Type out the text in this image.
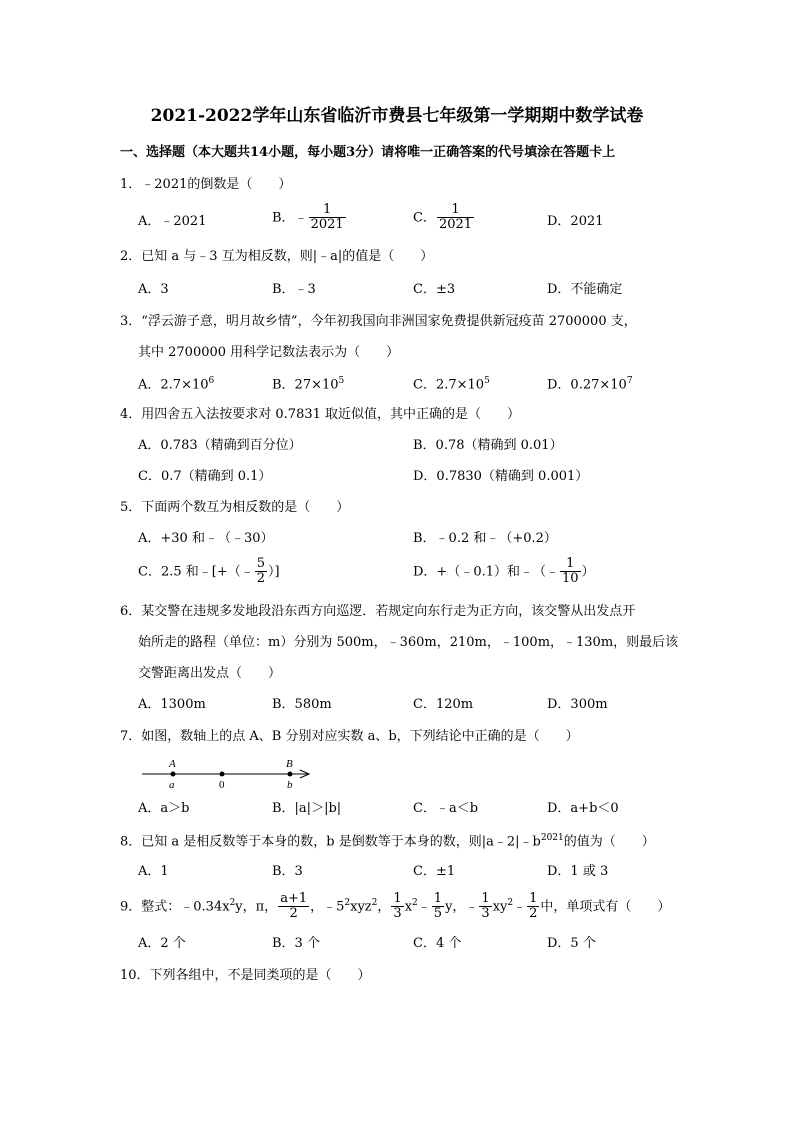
2021-2022学年山东省临沂市费县七年级第一学期期中数学试卷
一、选择题（本大题共14小题，每小题3分）请将唯一正确答案的代号填涂在答题卡上
1．﹣2021的倒数是（　　）
A．﹣2021	B．﹣ $\frac{1}{2021}$	C． $\frac{1}{2021}$	D．2021
2．已知 a 与﹣3 互为相反数，则|﹣a|的值是（　　）
A．3	B．﹣3	C．±3	D．不能确定
3．“浮云游子意，明月故乡情”，今年初我国向非洲国家免费提供新冠疫苗 2700000 支，
其中 2700000 用科学记数法表示为（　　）
A．$2.7\times 10^6$	B．$27\times 10^5$	C．$2.7\times 10^5$	D．$0.27\times 10^7$
4．用四舍五入法按要求对 0.7831 取近似值，其中正确的是（　　）
A．0.783（精确到百分位）	B．0.78（精确到 0.01）
C．0.7（精确到 0.1）	D．0.7830（精确到 0.001）
5．下面两个数互为相反数的是（　　）
A．+30 和﹣（﹣30）	B．﹣0.2 和﹣（+0.2）
C．2.5 和﹣[+（﹣ $\frac{5}{2}$ ）]	D．+（﹣0.1）和﹣（﹣ $\frac{1}{10}$ ）
6．某交警在违规多发地段沿东西方向巡逻．若规定向东行走为正方向，该交警从出发点开
始所走的路程（单位：m）分别为 500m，﹣360m，210m，﹣100m，﹣130m，则最后该
交警距离出发点（　　）
A．1300m	B．580m	C．120m	D．300m
7．如图，数轴上的点 A、B 分别对应实数 a、b，下列结论中正确的是（　　）
A
a	0
B
b
A．a＞b	B．|a|＞|b|	C．﹣a＜b	D．a+b＜0
8．已知 a 是相反数等于本身的数，b 是倒数等于本身的数，则$|a﹣2|﹣b^{2021}$的值为（　　）
A．1	B．3	C．±1	D．1 或 3
9．整式：$﹣0.34x^2y$，π， $\frac{a+1}{2}$ ，$﹣5^2xyz^2$， $\frac{1}{3}$ $x^2﹣ \frac{1}{5}$ y，﹣ $\frac{1}{3}$ $xy^2﹣ \frac{1}{2}$ 中，单项式有（　　）
A．2 个	B．3 个	C．4 个	D．5 个
10．下列各组中，不是同类项的是（　　）
